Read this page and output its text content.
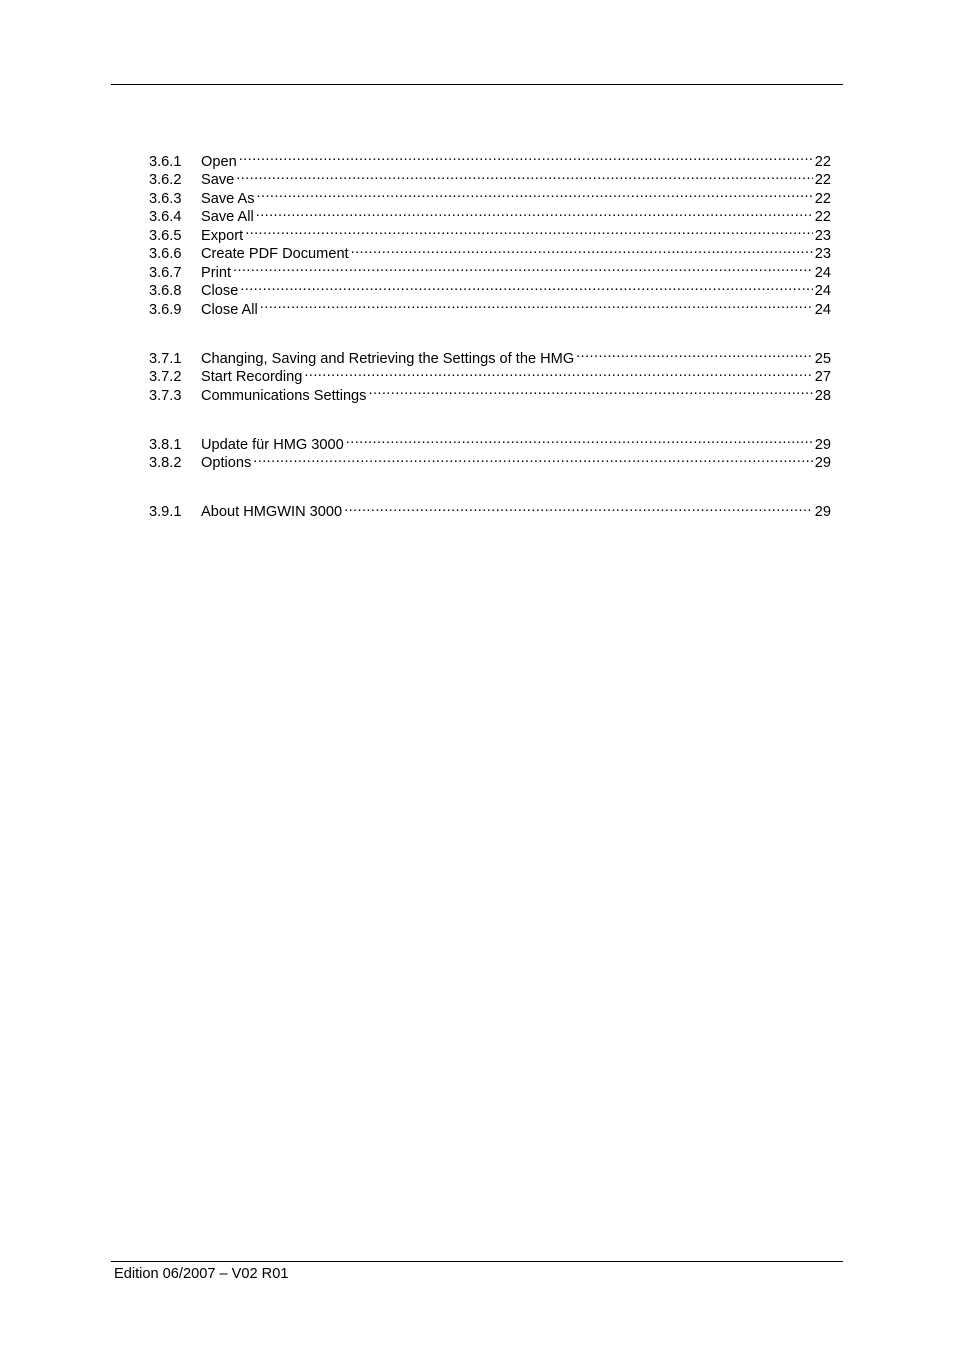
3.6.1	Open .....	22
3.6.2	Save .....	22
3.6.3	Save As .....	22
3.6.4	Save All .....	22
3.6.5	Export .....	23
3.6.6	Create PDF Document .....	23
3.6.7	Print .....	24
3.6.8	Close .....	24
3.6.9	Close All .....	24
3.7.1	Changing, Saving and Retrieving the Settings of the HMG .....	25
3.7.2	Start Recording .....	27
3.7.3	Communications Settings .....	28
3.8.1	Update für HMG 3000 .....	29
3.8.2	Options .....	29
3.9.1	About HMGWIN 3000 .....	29
Edition 06/2007 – V02 R01
